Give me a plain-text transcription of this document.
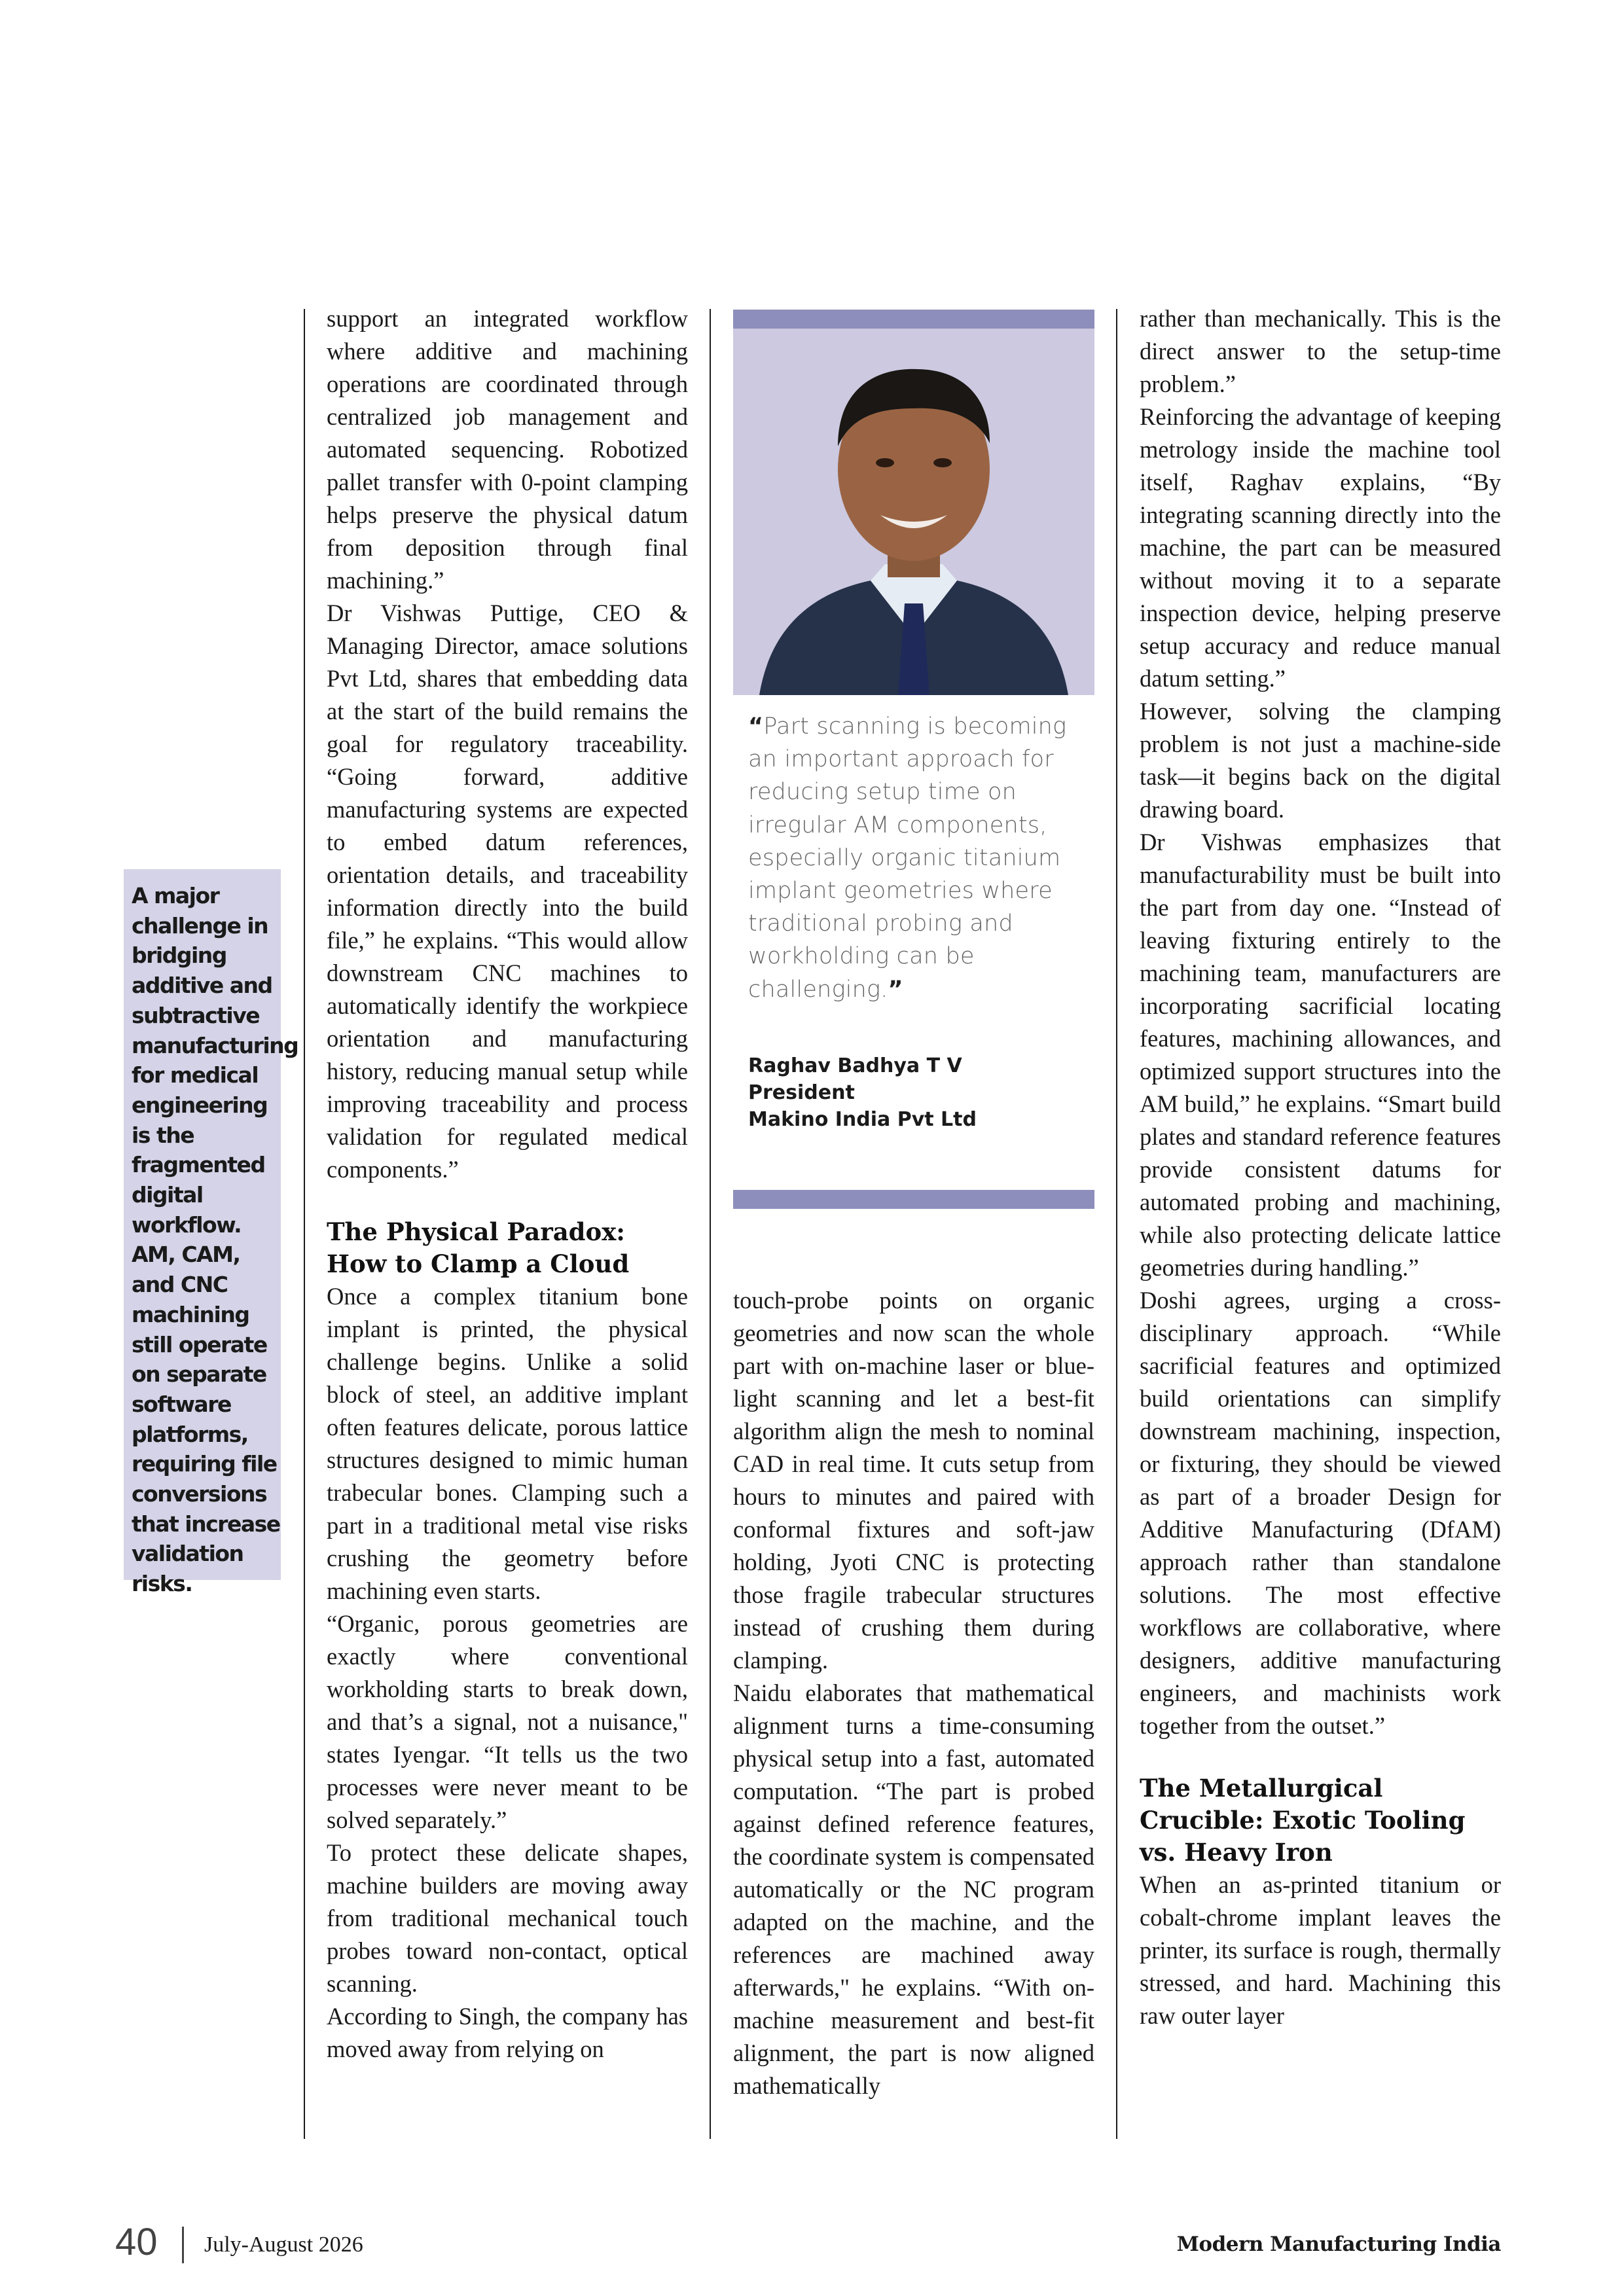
A major challenge in bridging additive and subtractive manufacturing for medical engineering is the fragmented digital workflow. AM, CAM, and CNC machining still operate on separate software platforms, requiring file conversions that increase validation risks.

support an integrated workflow where additive and machining operations are coordinated through centralized job management and automated sequencing. Robotized pallet transfer with 0-point clamping helps preserve the physical datum from deposition through final machining.”

Dr Vishwas Puttige, CEO & Managing Director, amace solutions Pvt Ltd, shares that embedding data at the start of the build remains the goal for regulatory traceability. “Going forward, additive manufacturing systems are expected to embed datum references, orientation details, and traceability information directly into the build file,” he explains. “This would allow downstream CNC machines to automatically identify the workpiece orientation and manufacturing history, reducing manual setup while improving traceability and process validation for regulated medical components.”

The Physical Paradox: How to Clamp a Cloud

Once a complex titanium bone implant is printed, the physical challenge begins. Unlike a solid block of steel, an additive implant often features delicate, porous lattice structures designed to mimic human trabecular bones. Clamping such a part in a traditional metal vise risks crushing the geometry before machining even starts.

“Organic, porous geometries are exactly where conventional workholding starts to break down, and that’s a signal, not a nuisance," states Iyengar. “It tells us the two processes were never meant to be solved separately.”

To protect these delicate shapes, machine builders are moving away from traditional mechanical touch probes toward non-contact, optical scanning.

According to Singh, the company has moved away from relying on

“Part scanning is becoming an important approach for reducing setup time on irregular AM components, especially organic titanium implant geometries where traditional probing and workholding can be challenging.”
Raghav Badhya T V
President
Makino India Pvt Ltd

touch-probe points on organic geometries and now scan the whole part with on-machine laser or blue-light scanning and let a best-fit algorithm align the mesh to nominal CAD in real time. It cuts setup from hours to minutes and paired with conformal fixtures and soft-jaw holding, Jyoti CNC is protecting those fragile trabecular structures instead of crushing them during clamping.

Naidu elaborates that mathematical alignment turns a time-consuming physical setup into a fast, automated computation. “The part is probed against defined reference features, the coordinate system is compensated automatically or the NC program adapted on the machine, and the references are machined away afterwards," he explains. “With on-machine measurement and best-fit alignment, the part is now aligned mathematically

rather than mechanically. This is the direct answer to the setup-time problem.”

Reinforcing the advantage of keeping metrology inside the machine tool itself, Raghav explains, “By integrating scanning directly into the machine, the part can be measured without moving it to a separate inspection device, helping preserve setup accuracy and reduce manual datum setting.”

However, solving the clamping problem is not just a machine-side task—it begins back on the digital drawing board.

Dr Vishwas emphasizes that manufacturability must be built into the part from day one. “Instead of leaving fixturing entirely to the machining team, manufacturers are incorporating sacrificial locating features, machining allowances, and optimized support structures into the AM build,” he explains. “Smart build plates and standard reference features provide consistent datums for automated probing and machining, while also protecting delicate lattice geometries during handling.”

Doshi agrees, urging a cross-disciplinary approach. “While sacrificial features and optimized build orientations can simplify downstream machining, inspection, or fixturing, they should be viewed as part of a broader Design for Additive Manufacturing (DfAM) approach rather than standalone solutions. The most effective workflows are collaborative, where designers, additive manufacturing engineers, and machinists work together from the outset.”

The Metallurgical Crucible: Exotic Tooling vs. Heavy Iron

When an as-printed titanium or cobalt-chrome implant leaves the printer, its surface is rough, thermally stressed, and hard. Machining this raw outer layer

40 July-August 2026	Modern Manufacturing India
